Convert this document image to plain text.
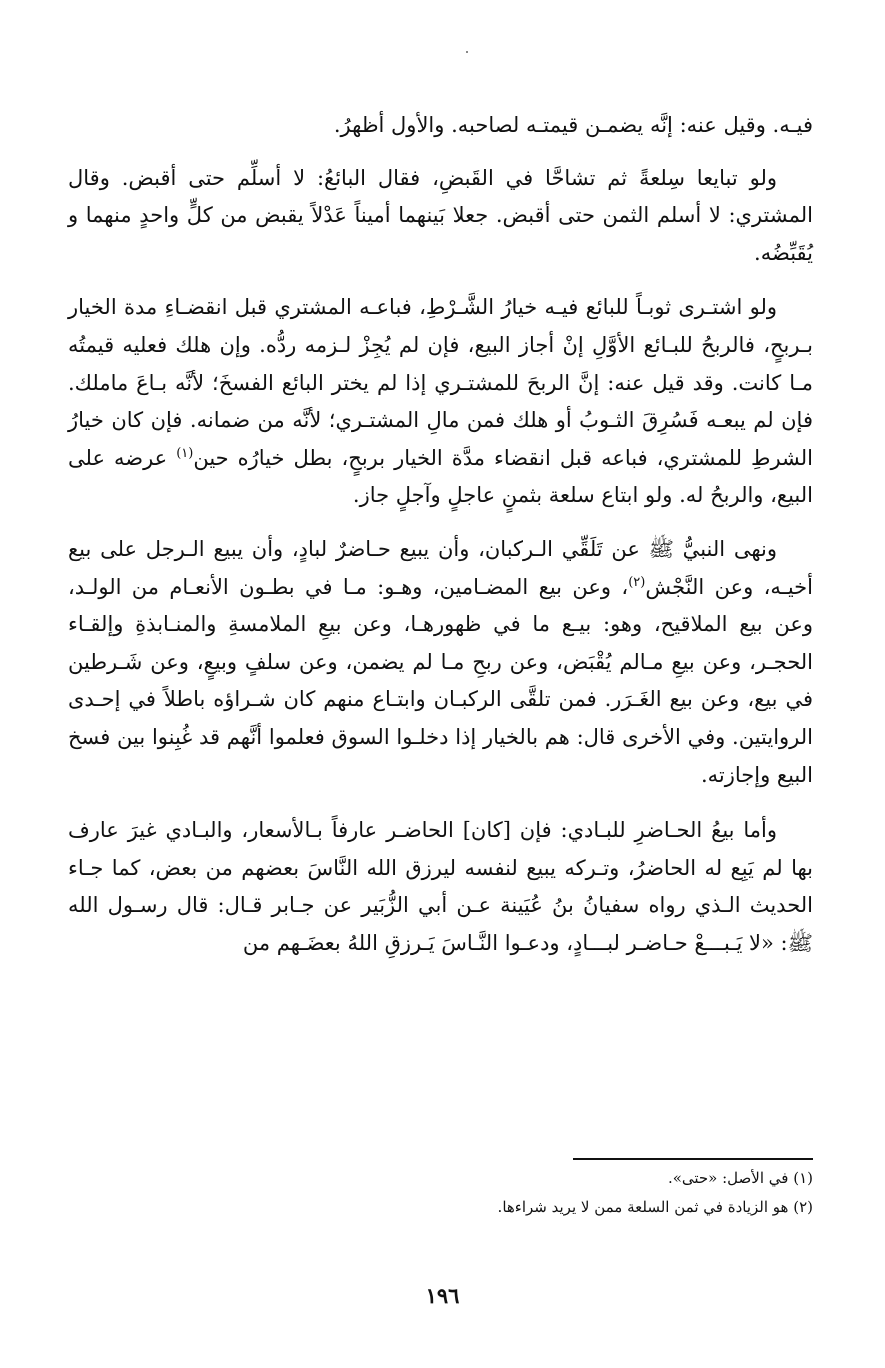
فيـه. وقيل عنه: إنَّه يضمـن قيمتـه لصاحبه. والأول أظهرُ.

ولو تبايعا سِلعةً ثم تشاحَّا في القَبضِ، فقال البائعُ: لا أسلِّم حتى أقبض. وقال المشتري: لا أسلم الثمن حتى أقبض. جعلا بَينهما أميناً عَدْلاً يقبض من كلٍّ واحدٍ منهما و يُقَبِّضُه.

ولو اشتـرى ثوبـاً للبائع فيـه خيارُ الشَّـرْطِ، فباعـه المشتري قبل انقضـاءِ مدة الخيار بـربحٍ، فالربحُ للبـائع الأوَّلِ إنْ أجاز البيع، فإن لم يُجِزْ لـزمه ردُّه. وإن هلك فعليه قيمتُه مـا كانت. وقد قيل عنه: إنَّ الربحَ للمشتـري إذا لم يختر البائع الفسخَ؛ لأنَّه بـاعَ ماملك. فإن لم يبعـه فَسُرِقَ الثـوبُ أو هلك فمن مالِ المشتـري؛ لأنَّه من ضمانه. فإن كان خيارُ الشرطِ للمشتري، فباعه قبل انقضاء مدَّة الخيار بربحٍ، بطل خيارُه حين$^{(١)}$ عرضه على البيع، والربحُ له. ولو ابتاع سلعة بثمنٍ عاجلٍ وآجلٍ جاز.

ونهى النبيُّ ﷺ عن تَلَقِّي الـركبان، وأن يبيع حـاضرٌ لبادٍ، وأن يبيع الـرجل على بيع أخيـه، وعن النَّجْش$^{(٢)}$، وعن بيع المضـامين، وهـو: مـا في بطـون الأنعـام من الولـد، وعن بيع الملاقيح، وهو: بيـع ما في ظهورهـا، وعن بيعِ الملامسةِ والمنـابذةِ وإلقـاء الحجـر، وعن بيعِ مـالم يُقْبَض، وعن ربحِ مـا لم يضمن، وعن سلفٍ وبيعٍ، وعن شَـرطين في بيع، وعن بيع الغَـرَر. فمن تلقَّى الركبـان وابتـاع منهم كان شـراؤه باطلاً في إحـدى الروايتين. وفي الأخرى قال: هم بالخيار إذا دخلـوا السوق فعلموا أنَّهم قد غُبِنوا بين فسخ البيع وإجازته.

وأما بيعُ الحـاضرِ للبـادي: فإن [كان] الحاضـر عارفاً بـالأسعار، والبـادي غيرَ عارف بها لم يَبِع له الحاضرُ، وتـركه يبيع لنفسه ليرزق الله النَّاسَ بعضهم من بعض، كما جـاء الحديث الـذي رواه سفيانُ بنُ عُيَينة عـن أبي الزُّبَير عن جـابر قـال: قال رسـول الله ﷺ: «لا يَـبـــعْ حـاضـر لبـــادٍ، ودعـوا النَّـاسَ يَـرزقِ اللهُ بعضَـهم من

(١) في الأصل: «حتى».

(٢) هو الزيادة في ثمن السلعة ممن لا يريد شراءها.

١٩٦
